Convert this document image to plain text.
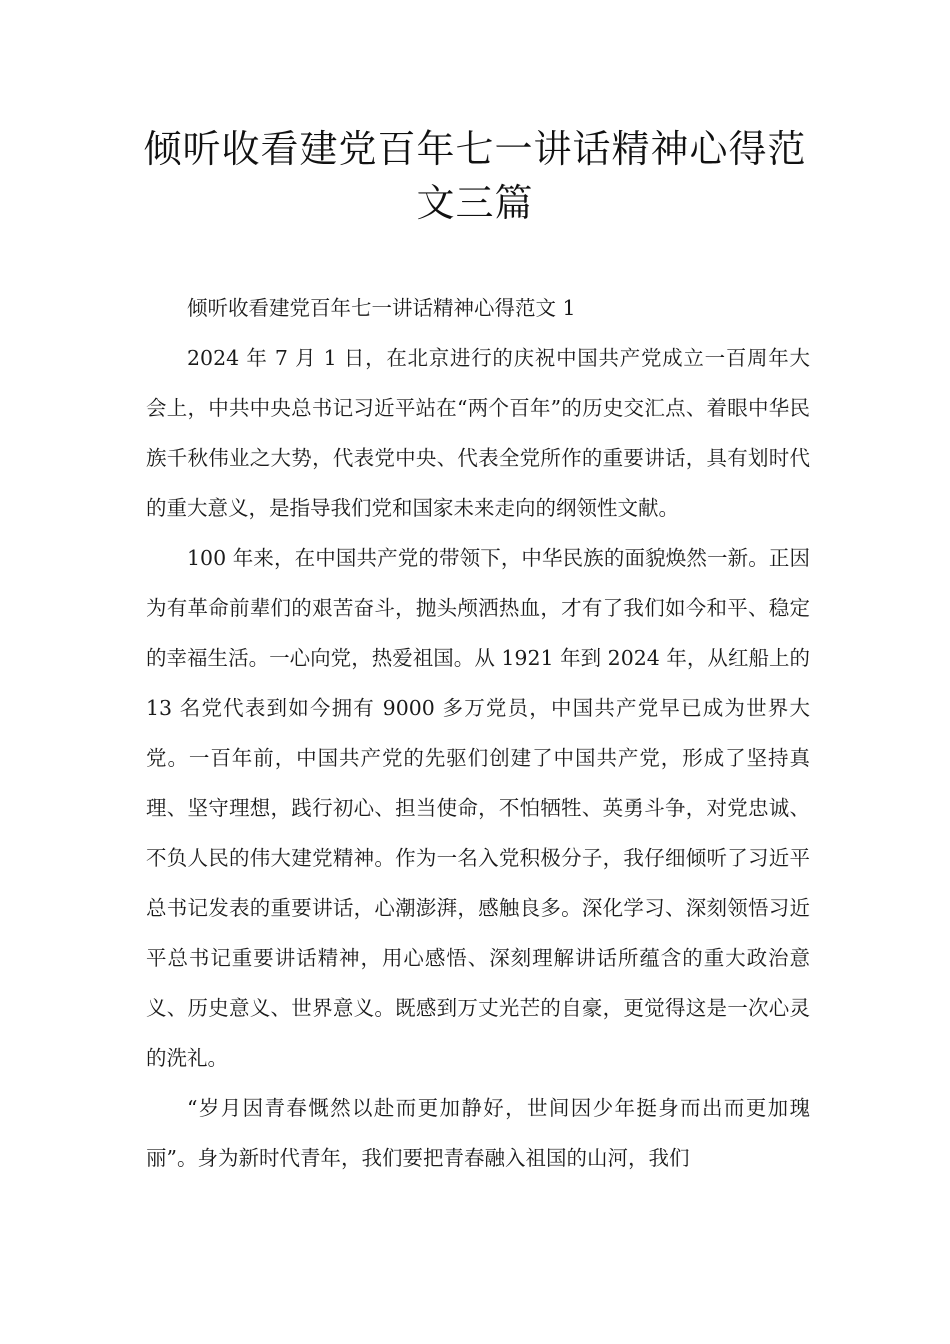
倾听收看建党百年七一讲话精神心得范
文三篇

倾听收看建党百年七一讲话精神心得范文 1

2024 年 7 月 1 日，在北京进行的庆祝中国共产党成立一百周年大会上，中共中央总书记习近平站在“两个百年”的历史交汇点、着眼中华民族千秋伟业之大势，代表党中央、代表全党所作的重要讲话，具有划时代的重大意义，是指导我们党和国家未来走向的纲领性文献。

100 年来，在中国共产党的带领下，中华民族的面貌焕然一新。正因为有革命前辈们的艰苦奋斗，抛头颅洒热血，才有了我们如今和平、稳定的幸福生活。一心向党，热爱祖国。从 1921 年到 2024 年，从红船上的 13 名党代表到如今拥有 9000 多万党员，中国共产党早已成为世界大党。一百年前，中国共产党的先驱们创建了中国共产党，形成了坚持真理、坚守理想，践行初心、担当使命，不怕牺牲、英勇斗争，对党忠诚、不负人民的伟大建党精神。作为一名入党积极分子，我仔细倾听了习近平总书记发表的重要讲话，心潮澎湃，感触良多。深化学习、深刻领悟习近平总书记重要讲话精神，用心感悟、深刻理解讲话所蕴含的重大政治意义、历史意义、世界意义。既感到万丈光芒的自豪，更觉得这是一次心灵的洗礼。

“岁月因青春慨然以赴而更加静好，世间因少年挺身而出而更加瑰丽”。身为新时代青年，我们要把青春融入祖国的山河，我们
